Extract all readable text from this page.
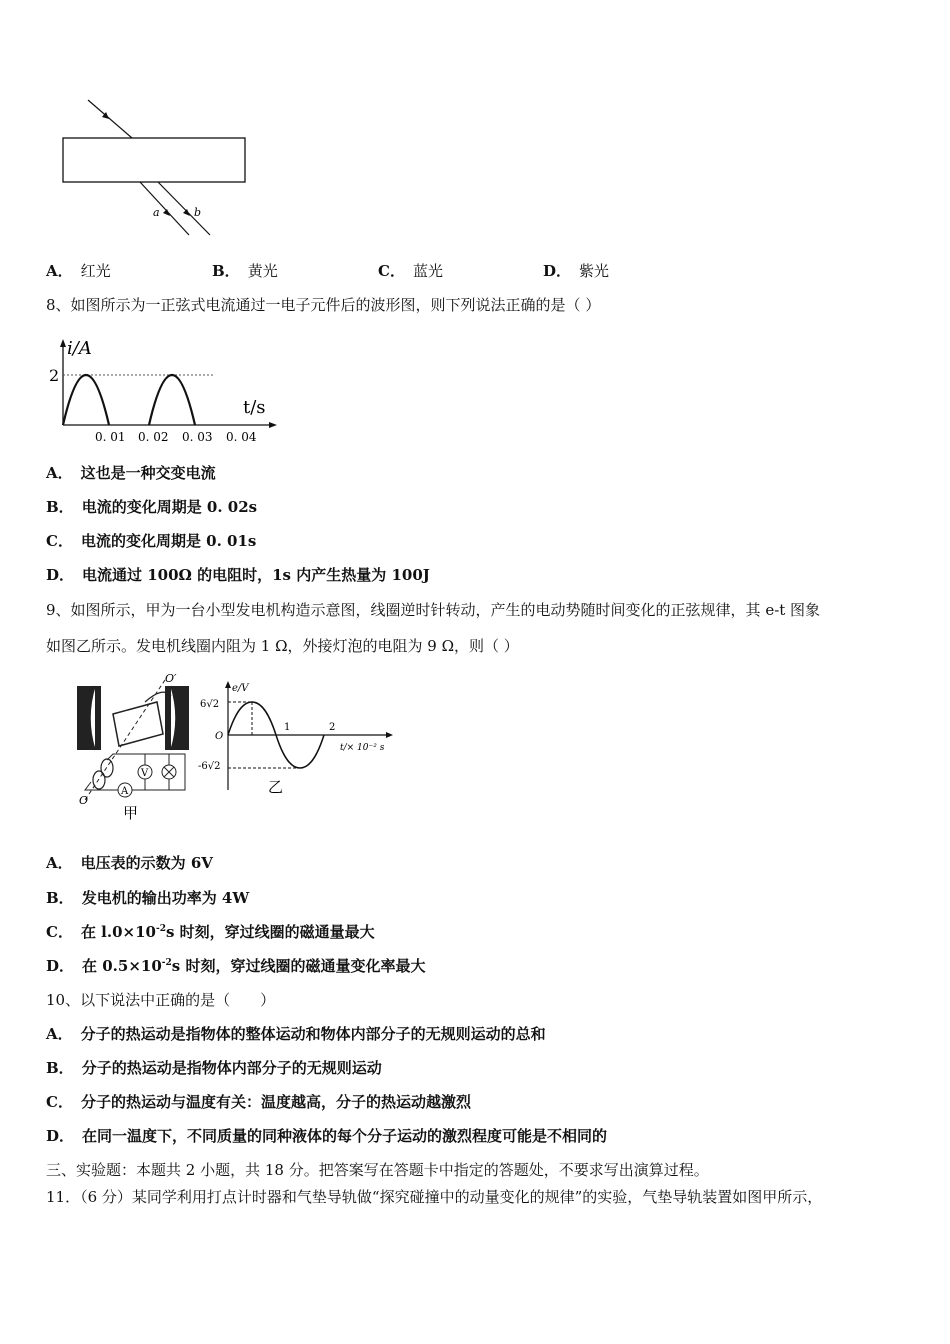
a	b
A． 红光	B． 黄光	C． 蓝光	D． 紫光
8、如图所示为一正弦式电流通过一电子元件后的波形图，则下列说法正确的是（ ）
i/A
t/s
2
0. 01 0. 02 0. 03 0. 04
A． 这也是一种交变电流
B． 电流的变化周期是 0. 02s
C． 电流的变化周期是 0. 01s
D． 电流通过 100Ω 的电阻时，1s 内产生热量为 100J
9、如图所示，甲为一台小型发电机构造示意图，线圈逆时针转动，产生的电动势随时间变化的正弦规律，其 e-t 图象
如图乙所示。发电机线圈内阻为 1 Ω，外接灯泡的电阻为 9 Ω，则（ ）
O′
O
V
A
甲
e/V
t/× 10⁻² s
6√2
-6√2
O
1	2
乙
A． 电压表的示数为 6V
B． 发电机的输出功率为 4W
C． 在 $l.0\times 10^{-2}s$ 时刻，穿过线圈的磁通量最大
D． 在 $0.5\times 10^{-2}s$ 时刻，穿过线圈的磁通量变化率最大
10、以下说法中正确的是（　　）
A． 分子的热运动是指物体的整体运动和物体内部分子的无规则运动的总和
B． 分子的热运动是指物体内部分子的无规则运动
C． 分子的热运动与温度有关：温度越高，分子的热运动越激烈
D． 在同一温度下，不同质量的同种液体的每个分子运动的激烈程度可能是不相同的
三、实验题：本题共 2 小题，共 18 分。把答案写在答题卡中指定的答题处，不要求写出演算过程。
11．（6 分）某同学利用打点计时器和气垫导轨做“探究碰撞中的动量变化的规律”的实验，气垫导轨装置如图甲所示，
